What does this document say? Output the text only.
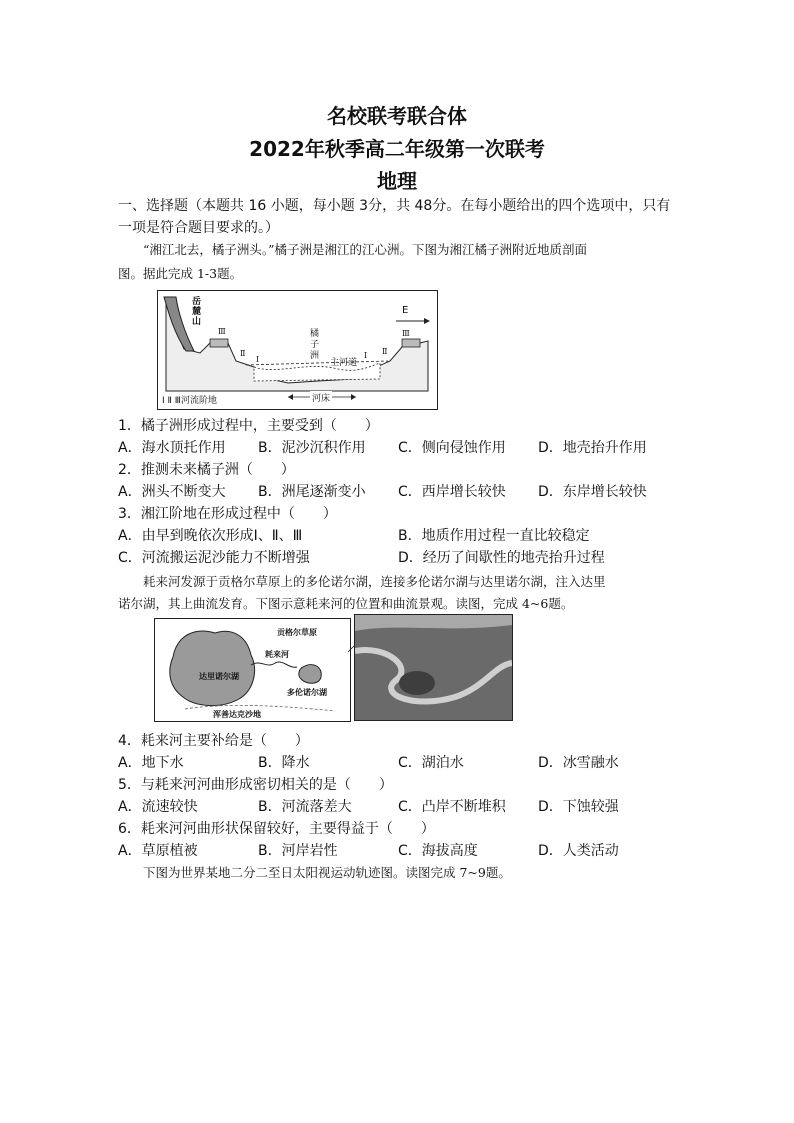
名校联考联合体
2022年秋季高二年级第一次联考
地理
一、选择题（本题共 16 小题，每小题 3分，共 48分。在每小题给出的四个选项中，只有
一项是符合题目要求的。）
“湘江北去，橘子洲头。”橘子洲是湘江的江心洲。下图为湘江橘子洲附近地质剖面
图。据此完成 1-3题。
岳麓山
橘子洲
主河道
E
Ⅲ
Ⅱ
Ⅰ	Ⅰ Ⅱ
Ⅲ
Ⅰ Ⅱ Ⅲ河流阶地	河床
1．橘子洲形成过程中，主要受到（　　）
A．海水顶托作用 B．泥沙沉积作用 C．侧向侵蚀作用 D．地壳抬升作用
2．推测未来橘子洲（　　）
A．洲头不断变大 B．洲尾逐渐变小 C．西岸增长较快 D．东岸增长较快
3．湘江阶地在形成过程中（　　）
A．由早到晚依次形成Ⅰ、Ⅱ、Ⅲ	B．地质作用过程一直比较稳定
C．河流搬运泥沙能力不断增强	D．经历了间歇性的地壳抬升过程
耗来河发源于贡格尔草原上的多伦诺尔湖，连接多伦诺尔湖与达里诺尔湖，注入达里
诺尔湖，其上曲流发育。下图示意耗来河的位置和曲流景观。读图，完成 4~6题。
贡格尔草原
耗来河
达里诺尔湖
多伦诺尔湖
浑善达克沙地
4．耗来河主要补给是（　　）
A．地下水	B．降水	C．湖泊水	D．冰雪融水
5．与耗来河河曲形成密切相关的是（　　）
A．流速较快	B．河流落差大	C．凸岸不断堆积 D．下蚀较强
6．耗来河河曲形状保留较好，主要得益于（　　）
A．草原植被	B．河岸岩性	C．海拔高度	D．人类活动
下图为世界某地二分二至日太阳视运动轨迹图。读图完成 7~9题。
